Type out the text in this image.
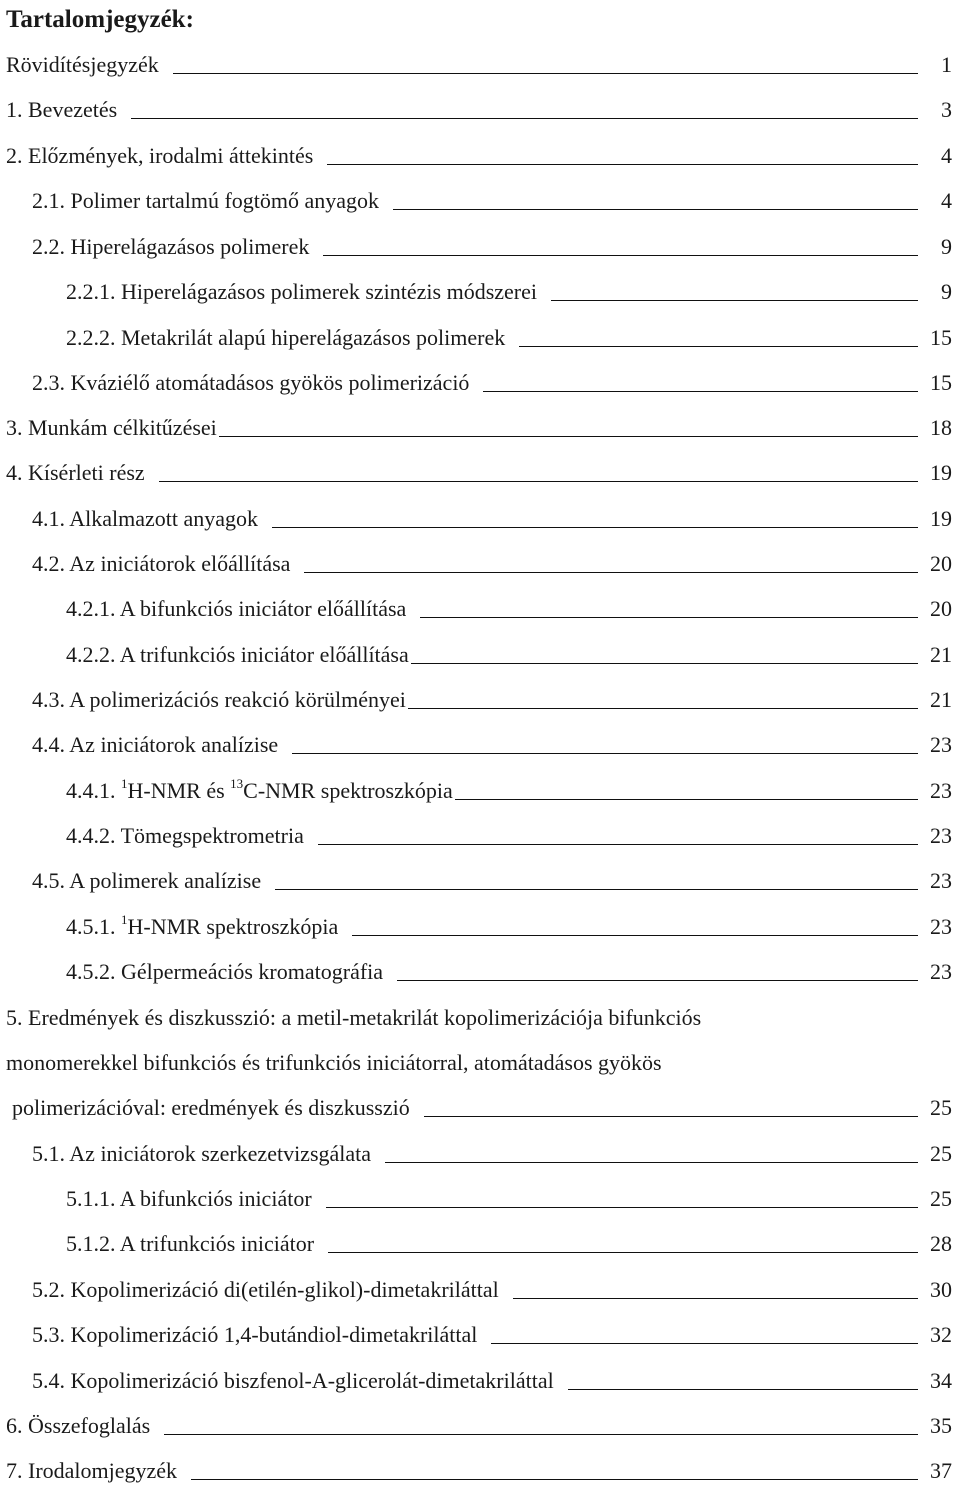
Tartalomjegyzék:
Rövidítésjegyzék	1
1. Bevezetés	3
2. Előzmények, irodalmi áttekintés	4
2.1. Polimer tartalmú fogtömő anyagok	4
2.2. Hiperelágazásos polimerek	9
2.2.1. Hiperelágazásos polimerek szintézis módszerei	9
2.2.2. Metakrilát alapú hiperelágazásos polimerek	15
2.3. Kváziélő atomátadásos gyökös polimerizáció	15
3. Munkám célkitűzései	18
4. Kísérleti rész	19
4.1. Alkalmazott anyagok	19
4.2. Az iniciátorok előállítása	20
4.2.1. A bifunkciós iniciátor előállítása	20
4.2.2. A trifunkciós iniciátor előállítása	21
4.3. A polimerizációs reakció körülményei	21
4.4. Az iniciátorok analízise	23
4.4.1. $^1$H-NMR és $^{13}$C-NMR spektroszkópia	23
4.4.2. Tömegspektrometria	23
4.5. A polimerek analízise	23
4.5.1. $^1$H-NMR spektroszkópia	23
4.5.2. Gélpermeációs kromatográfia	23
5. Eredmények és diszkusszió: a metil-metakrilát kopolimerizációja bifunkciós
monomerekkel bifunkciós és trifunkciós iniciátorral, atomátadásos gyökös
polimerizációval: eredmények és diszkusszió	25
5.1. Az iniciátorok szerkezetvizsgálata	25
5.1.1. A bifunkciós iniciátor	25
5.1.2. A trifunkciós iniciátor	28
5.2. Kopolimerizáció di(etilén-glikol)-dimetakriláttal	30
5.3. Kopolimerizáció 1,4-butándiol-dimetakriláttal	32
5.4. Kopolimerizáció biszfenol-A-glicerolát-dimetakriláttal	34
6. Összefoglalás	35
7. Irodalomjegyzék	37
